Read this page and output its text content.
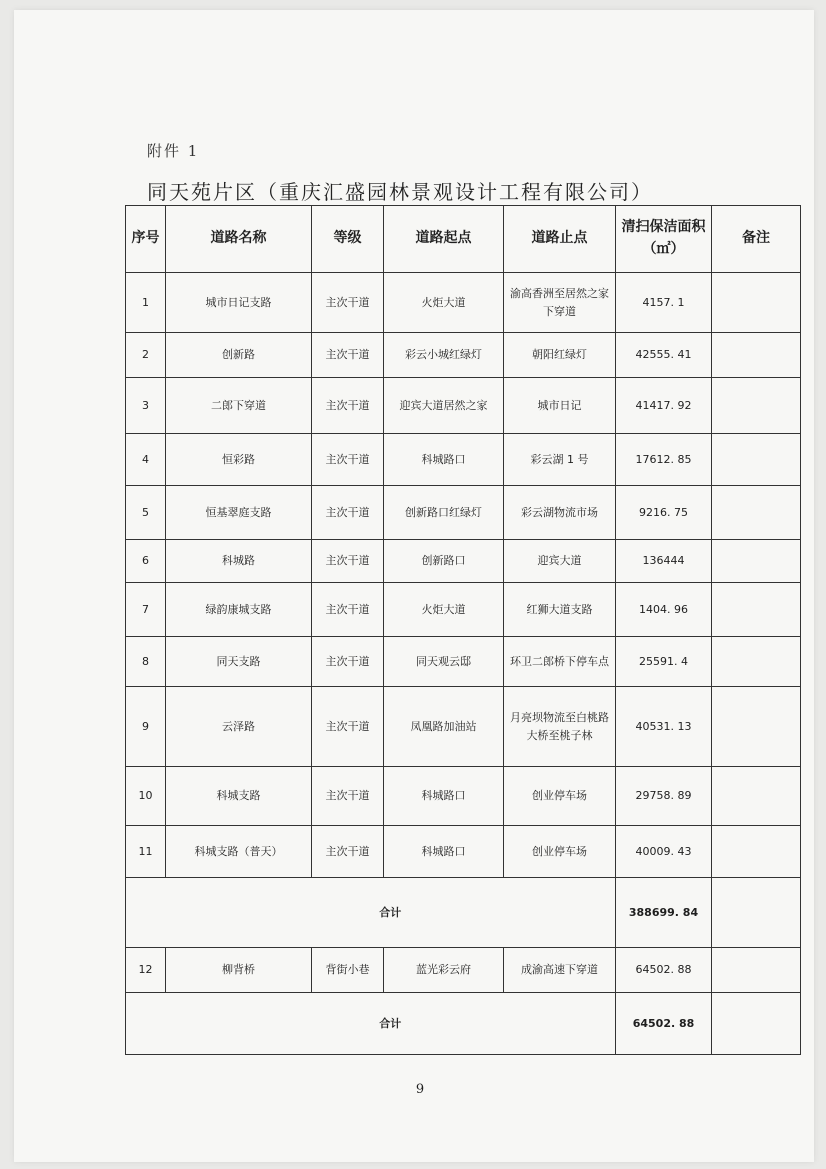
附件 1
同天苑片区（重庆汇盛园林景观设计工程有限公司）
序号	道路名称	等级	道路起点	道路止点	清扫保洁面积（㎡）	备注
1	城市日记支路	主次干道	火炬大道	渝高香洲至居然之家下穿道	4157. 1	
2	创新路	主次干道	彩云小城红绿灯	朝阳红绿灯	42555. 41	
3	二郎下穿道	主次干道	迎宾大道居然之家	城市日记	41417. 92	
4	恒彩路	主次干道	科城路口	彩云湖 1 号	17612. 85	
5	恒基翠庭支路	主次干道	创新路口红绿灯	彩云湖物流市场	9216. 75	
6	科城路	主次干道	创新路口	迎宾大道	136444	
7	绿韵康城支路	主次干道	火炬大道	红狮大道支路	1404. 96	
8	同天支路	主次干道	同天观云邸	环卫二郎桥下停车点	25591. 4	
9	云泽路	主次干道	凤凰路加油站	月亮坝物流至白桃路大桥至桃子林	40531. 13	
10	科城支路	主次干道	科城路口	创业停车场	29758. 89	
11	科城支路（普天）	主次干道	科城路口	创业停车场	40009. 43	
	合计				388699. 84	
12	柳背桥	背街小巷	蓝光彩云府	成渝高速下穿道	64502. 88	
	合计				64502. 88	
9
